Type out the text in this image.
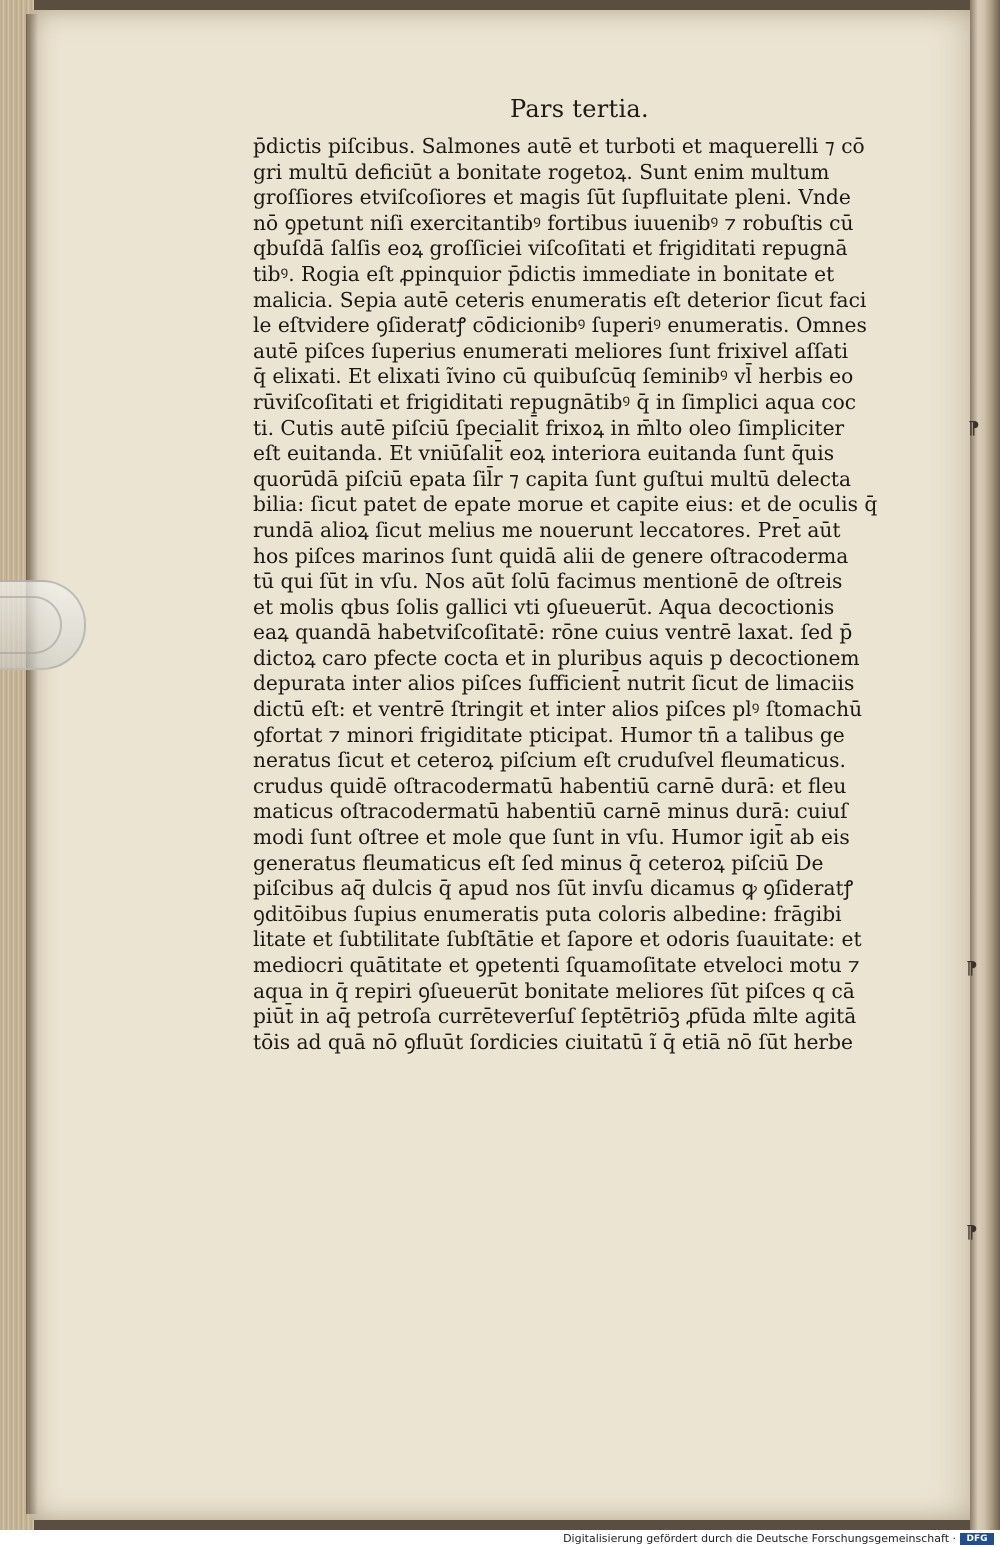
Pars tertia.
p̄dictis piſcibus. Salmones autē et turboti et maquerelli ⁊ cō
gri multū deficiūt a bonitate rogetoꝝ. Sunt enim multum
groſſiores etviſcoſiores et magis ſūt ſupfluitate pleni. Vnde
nō ꝯpetunt niſi exercitantibꝰ fortibus iuuenibꝰ ⁊ robuſtis cū
qbuſdā ſalſis eoꝝ groſſiciei viſcoſitati et frigiditati repugnā
tibꝰ. Rogia eſt ꝓpinquior p̄dictis immediate in bonitate et
malicia. Sepia autē ceteris enumeratis eſt deterior ſicut faci
le eſtvidere ꝯſideratꝭ cōdicionibꝰ ſuperiꝰ enumeratis. Omnes
autē piſces ſuperius enumerati meliores ſunt frixivel aſſati
q̄ elixati. Et elixati ĩvino cū quibuſcūq ſeminibꝰ vl̄ herbis eo
rūviſcoſitati et frigiditati repugnātibꝰ q̄ in ſimplici aqua coc
ti. Cutis autē piſciū ſpecialit̄ frixoꝝ in m̄lto oleo ſimpliciter
eſt euitanda. Et vniūſalit̄ eoꝝ interiora euitanda ſunt q̄uis
quorūdā piſciū epata ſil̄r ⁊ capita ſunt guſtui multū delecta
bilia: ſicut patet de epate morue et capite eius: et de oculis q̄
rundā alioꝝ ſicut melius me nouerunt leccatores. Pret̄ aūt
hos piſces marinos ſunt quidā alii de genere oſtracoderma
tū qui ſūt in vſu. Nos aūt ſolū facimus mentionē de oſtreis
et molis qbus ſolis gallici vti ꝯſueuerūt. Aqua decoctionis
eaꝝ quandā habetviſcoſitatē: rōne cuius ventrē laxat. ſed p̄
dictoꝝ caro pfecte cocta et in pluribus aquis p decoctionem
depurata inter alios piſces ſufficient̄ nutrit ſicut de limaciis
dictū eſt: et ventrē ſtringit et inter alios piſces plꝰ ſtomachū
ꝯfortat ⁊ minori frigiditate pticipat. Humor tn̄ a talibus ge
neratus ſicut et ceteroꝝ piſcium eſt cruduſvel fleumaticus.
crudus quidē oſtracodermatū habentiū carnē durā: et fleu
maticus oſtracodermatū habentiū carnē minus durā: cuiuſ
modi ſunt oſtree et mole que ſunt in vſu. Humor igit̄ ab eis
generatus fleumaticus eſt ſed minus q̄ ceteroꝝ piſciū De
piſcibus aq̄ dulcis q̄ apud nos ſūt invſu dicamus ꝙ ꝯſideratꝭ
ꝯditōibus ſupius enumeratis puta coloris albedine: frāgibi
litate et ſubtilitate ſubſtātie et ſapore et odoris ſuauitate: et
mediocri quātitate et ꝯpetenti ſquamoſitate etveloci motu ⁊
aqua in q̄ repiri ꝯſueuerūt bonitate meliores ſūt piſces q cā
piūt̄ in aq̄ petroſa currēteverſuſ ſeptētriōꝫ ꝓfūda m̄lte agitā
tōis ad quā nō ꝯfluūt ſordicies ciuitatū ĩ q̄ etiā nō ſūt herbe
⁋
⁋
⁋
Digitalisierung gefördert durch die Deutsche Forschungsgemeinschaft ·	DFG
